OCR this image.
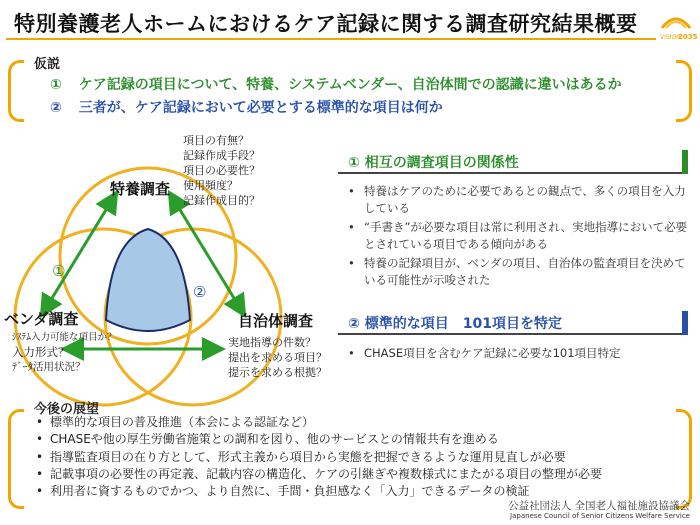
特別養護老人ホームにおけるケア記録に関する調査研究結果概要
VISION
2035
仮説
① ケア記録の項目について、特養、システムベンダー、自治体間での認識に違いはあるか
② 三者が、ケア記録において必要とする標準的な項目は何か
特養調査
ベンダ調査	自治体調査
項目の有無？
記録作成手段？
項目の必要性？
使用頻度？
記録作成目的？
ｼｽﾃﾑ入力可能な項目か？
入力形式？
ﾃﾞｰﾀ活用状況？
実地指導の件数？
提出を求める項目？
提示を求める根拠？
①
②
① 相互の調査項目の関係性
• 特養はケアのために必要であるとの観点で、多くの項目を入力している
• “手書き”が必要な項目は常に利用され、実地指導において必要とされている項目である傾向がある
• 特養の記録項目が、ベンダの項目、自治体の監査項目を決めている可能性が示唆された
② 標準的な項目　101項目を特定
• CHASE項目を含むケア記録に必要な101項目特定
今後の展望
• 標準的な項目の普及推進（本会による認証など）
• CHASEや他の厚生労働省施策との調和を図り、他のサービスとの情報共有を進める
• 指導監査項目の在り方として、形式主義から項目から実態を把握できるような運用見直しが必要
• 記載事項の必要性の再定義、記載内容の構造化、ケアの引継ぎや複数様式にまたがる項目の整理が必要
• 利用者に資するものでかつ、より自然に、手間・負担感なく「入力」できるデータの検証
公益社団法人 全国老人福祉施設協議会
Japanese Council of Senior Citizens Welfare Service
